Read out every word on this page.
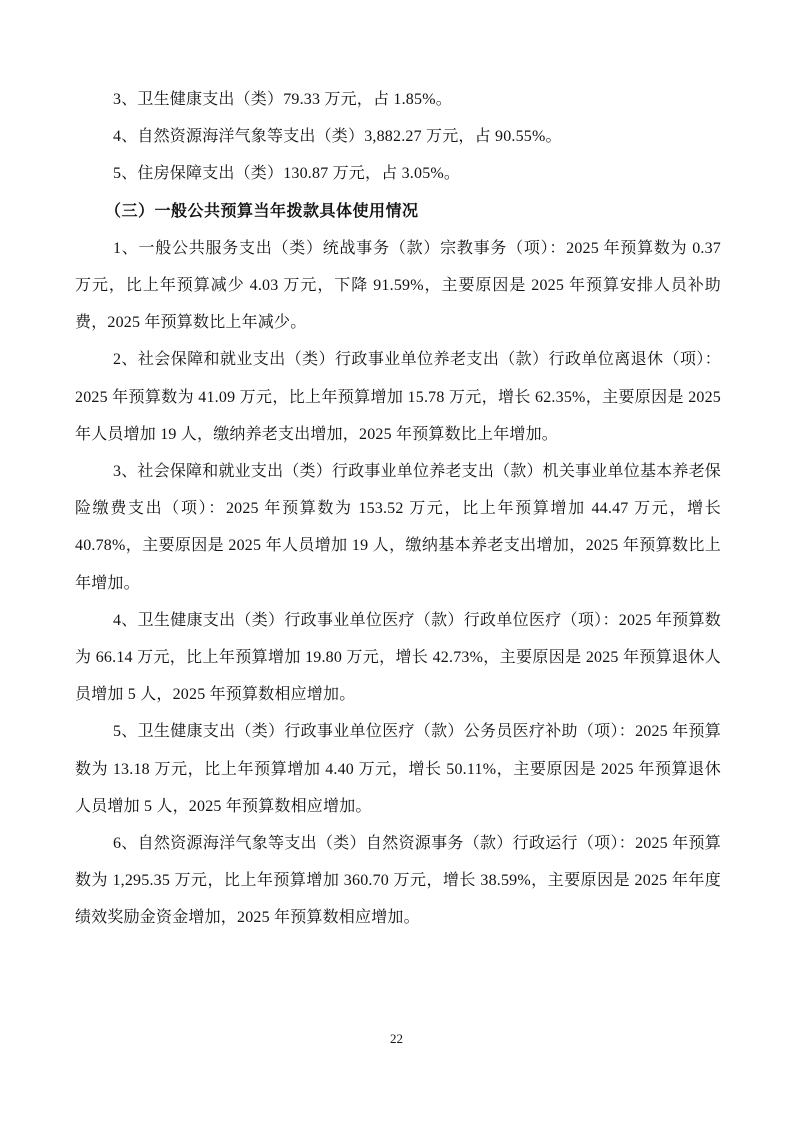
3、卫生健康支出（类）79.33 万元，占 1.85%。

4、自然资源海洋气象等支出（类）3,882.27 万元，占 90.55%。

5、住房保障支出（类）130.87 万元，占 3.05%。

（三）一般公共预算当年拨款具体使用情况

1、一般公共服务支出（类）统战事务（款）宗教事务（项）：2025 年预算数为 0.37 万元，比上年预算减少 4.03 万元，下降 91.59%，主要原因是 2025 年预算安排人员补助费，2025 年预算数比上年减少。

2、社会保障和就业支出（类）行政事业单位养老支出（款）行政单位离退休（项）：2025 年预算数为 41.09 万元，比上年预算增加 15.78 万元，增长 62.35%，主要原因是 2025 年人员增加 19 人，缴纳养老支出增加，2025 年预算数比上年增加。

3、社会保障和就业支出（类）行政事业单位养老支出（款）机关事业单位基本养老保险缴费支出（项）：2025 年预算数为 153.52 万元，比上年预算增加 44.47 万元，增长 40.78%，主要原因是 2025 年人员增加 19 人，缴纳基本养老支出增加，2025 年预算数比上年增加。

4、卫生健康支出（类）行政事业单位医疗（款）行政单位医疗（项）：2025 年预算数为 66.14 万元，比上年预算增加 19.80 万元，增长 42.73%，主要原因是 2025 年预算退休人员增加 5 人，2025 年预算数相应增加。

5、卫生健康支出（类）行政事业单位医疗（款）公务员医疗补助（项）：2025 年预算数为 13.18 万元，比上年预算增加 4.40 万元，增长 50.11%，主要原因是 2025 年预算退休人员增加 5 人，2025 年预算数相应增加。

6、自然资源海洋气象等支出（类）自然资源事务（款）行政运行（项）：2025 年预算数为 1,295.35 万元，比上年预算增加 360.70 万元，增长 38.59%，主要原因是 2025 年年度绩效奖励金资金增加，2025 年预算数相应增加。

22
